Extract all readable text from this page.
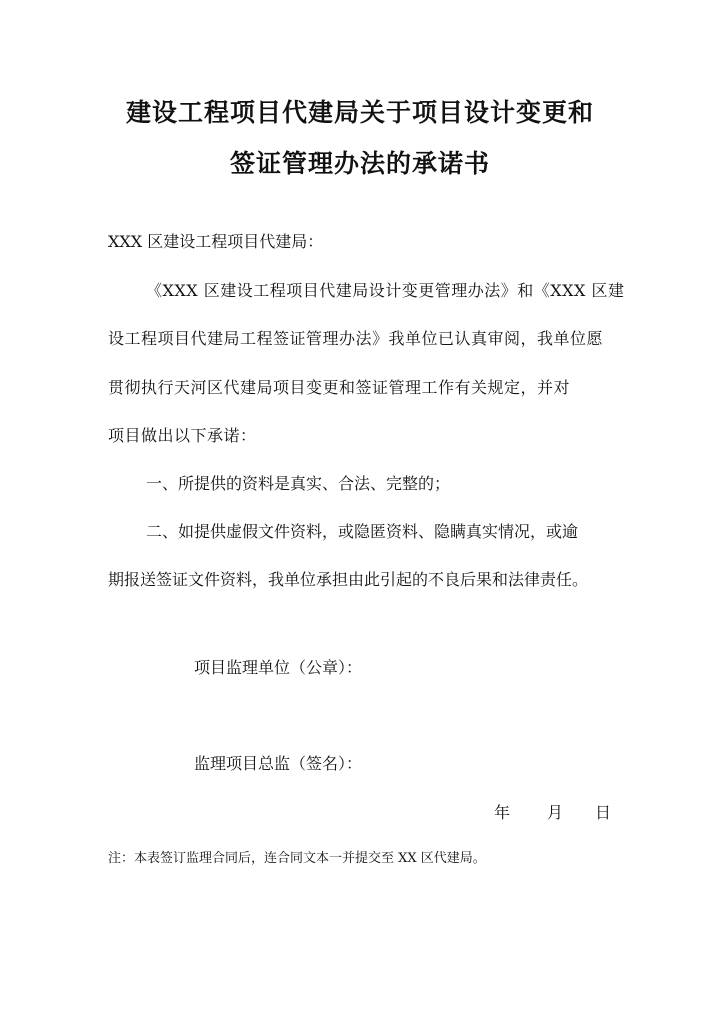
建设工程项目代建局关于项目设计变更和
签证管理办法的承诺书
XXX 区建设工程项目代建局：
《XXX 区建设工程项目代建局设计变更管理办法》和《XXX 区建
设工程项目代建局工程签证管理办法》我单位已认真审阅，我单位愿
贯彻执行天河区代建局项目变更和签证管理工作有关规定，并对
项目做出以下承诺：
一、所提供的资料是真实、合法、完整的；
二、如提供虚假文件资料，或隐匿资料、隐瞒真实情况，或逾
期报送签证文件资料，我单位承担由此引起的不良后果和法律责任。
项目监理单位（公章）：
监理项目总监（签名）：
年 月 日
注：本表签订监理合同后，连合同文本一并提交至 XX 区代建局。
